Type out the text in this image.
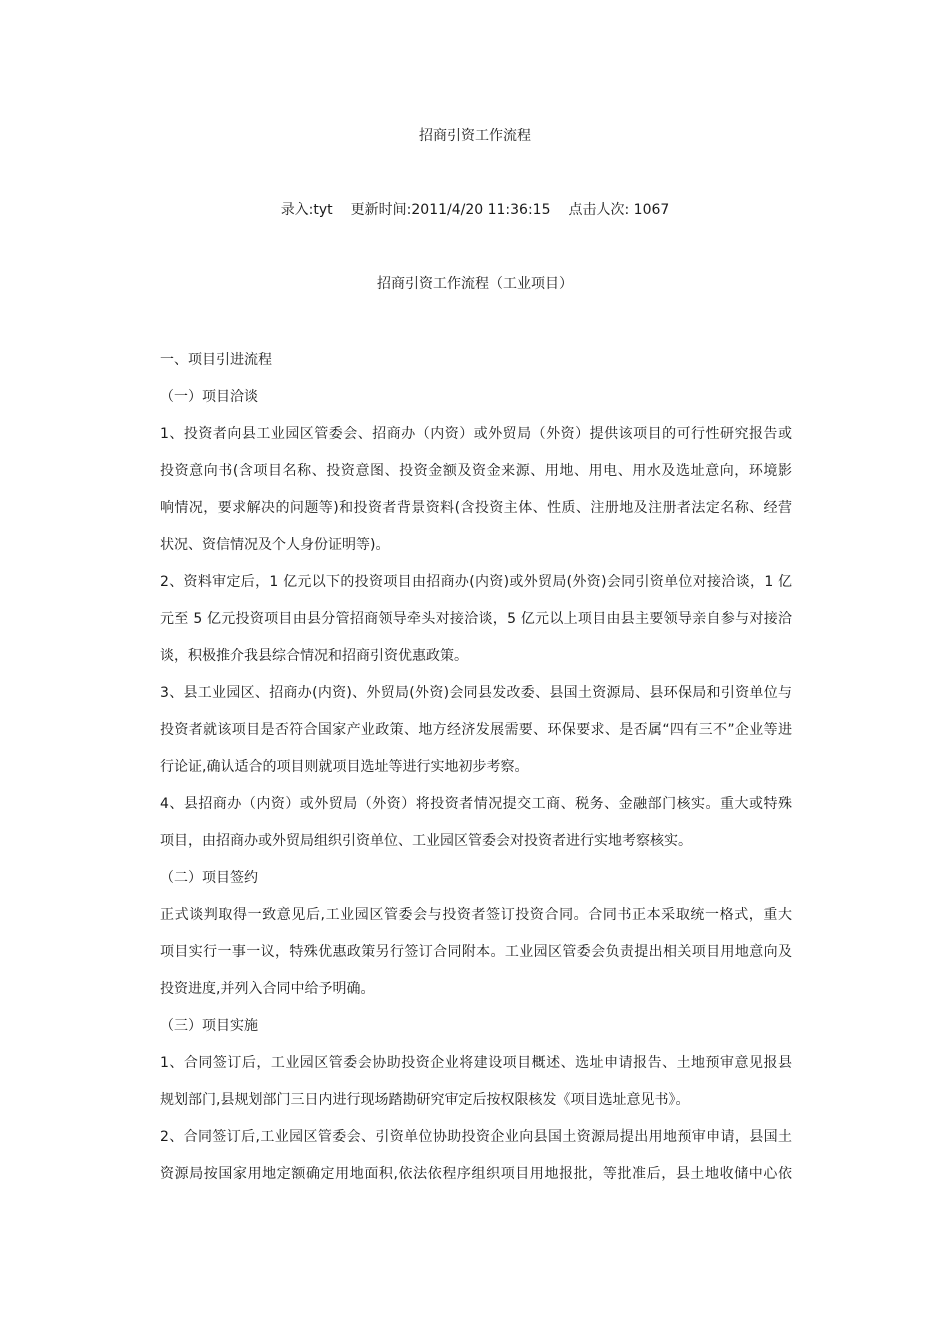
招商引资工作流程
录入:tyt 更新时间:2011/4/20 11:36:15 点击人次: 1067
招商引资工作流程（工业项目）
一、项目引进流程
（一）项目洽谈
1、投资者向县工业园区管委会、招商办（内资）或外贸局（外资）提供该项目的可行性研究报告或
投资意向书(含项目名称、投资意图、投资金额及资金来源、用地、用电、用水及选址意向，环境影
响情况，要求解决的问题等)和投资者背景资料(含投资主体、性质、注册地及注册者法定名称、经营
状况、资信情况及个人身份证明等)。
2、资料审定后，1 亿元以下的投资项目由招商办(内资)或外贸局(外资)会同引资单位对接洽谈，1 亿
元至 5 亿元投资项目由县分管招商领导牵头对接洽谈，5 亿元以上项目由县主要领导亲自参与对接洽
谈，积极推介我县综合情况和招商引资优惠政策。
3、县工业园区、招商办(内资)、外贸局(外资)会同县发改委、县国土资源局、县环保局和引资单位与
投资者就该项目是否符合国家产业政策、地方经济发展需要、环保要求、是否属“四有三不”企业等进
行论证,确认适合的项目则就项目选址等进行实地初步考察。
4、县招商办（内资）或外贸局（外资）将投资者情况提交工商、税务、金融部门核实。重大或特殊
项目，由招商办或外贸局组织引资单位、工业园区管委会对投资者进行实地考察核实。
（二）项目签约
正式谈判取得一致意见后,工业园区管委会与投资者签订投资合同。合同书正本采取统一格式，重大
项目实行一事一议，特殊优惠政策另行签订合同附本。工业园区管委会负责提出相关项目用地意向及
投资进度,并列入合同中给予明确。
（三）项目实施
1、合同签订后，工业园区管委会协助投资企业将建设项目概述、选址申请报告、土地预审意见报县
规划部门,县规划部门三日内进行现场踏勘研究审定后按权限核发《项目选址意见书》。
2、合同签订后,工业园区管委会、引资单位协助投资企业向县国土资源局提出用地预审申请，县国土
资源局按国家用地定额确定用地面积,依法依程序组织项目用地报批，等批准后，县土地收储中心依
